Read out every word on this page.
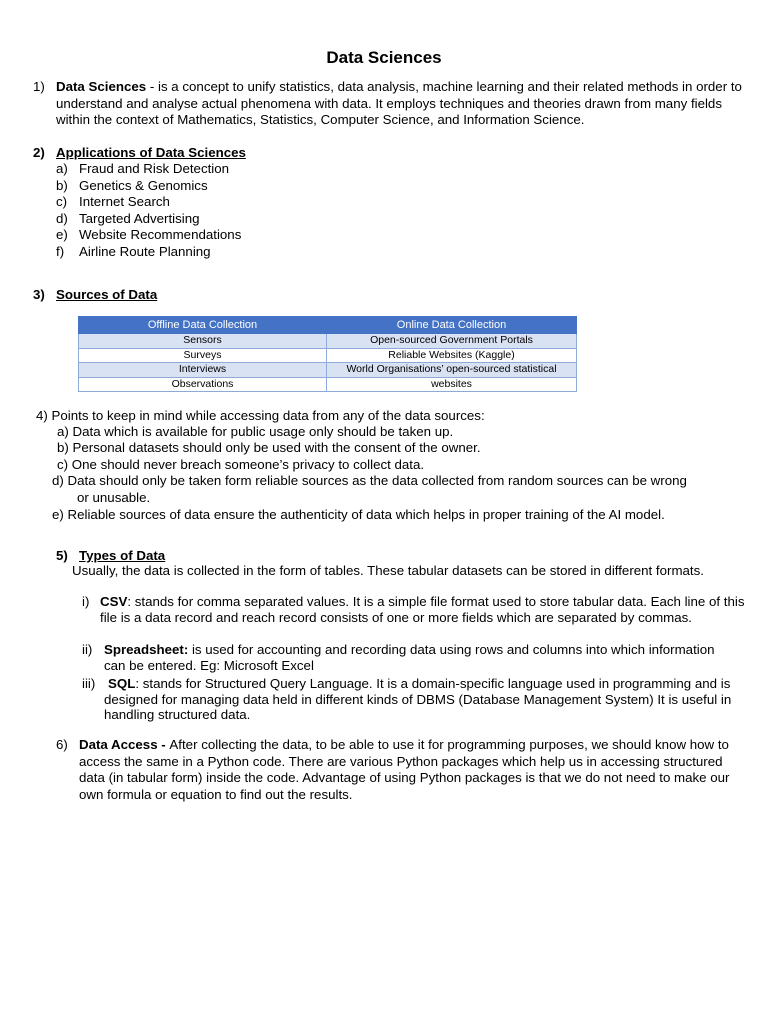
Data Sciences
1) Data Sciences - is a concept to unify statistics, data analysis, machine learning and their related methods in order to understand and analyse actual phenomena with data. It employs techniques and theories drawn from many fields within the context of Mathematics, Statistics, Computer Science, and Information Science.
2) Applications of Data Sciences
a) Fraud and Risk Detection
b) Genetics & Genomics
c) Internet Search
d) Targeted Advertising
e) Website Recommendations
f) Airline Route Planning
3) Sources of Data
Offline Data Collection	Online Data Collection
Sensors	Open-sourced Government Portals
Surveys	Reliable Websites (Kaggle)
Interviews	World Organisations’ open-sourced statistical
Observations	websites
4) Points to keep in mind while accessing data from any of the data sources:
a) Data which is available for public usage only should be taken up.
b) Personal datasets should only be used with the consent of the owner.
c) One should never breach someone’s privacy to collect data.
d) Data should only be taken form reliable sources as the data collected from random sources can be wrong
or unusable.
e) Reliable sources of data ensure the authenticity of data which helps in proper training of the AI model.
5) Types of Data
Usually, the data is collected in the form of tables. These tabular datasets can be stored in different formats.
i) CSV: stands for comma separated values. It is a simple file format used to store tabular data. Each line of this file is a data record and reach record consists of one or more fields which are separated by commas.
ii) Spreadsheet: is used for accounting and recording data using rows and columns into which information can be entered. Eg: Microsoft Excel
iii) SQL: stands for Structured Query Language. It is a domain-specific language used in programming and is designed for managing data held in different kinds of DBMS (Database Management System) It is useful in handling structured data.
6) Data Access - After collecting the data, to be able to use it for programming purposes, we should know how to access the same in a Python code. There are various Python packages which help us in accessing structured data (in tabular form) inside the code. Advantage of using Python packages is that we do not need to make our own formula or equation to find out the results.
